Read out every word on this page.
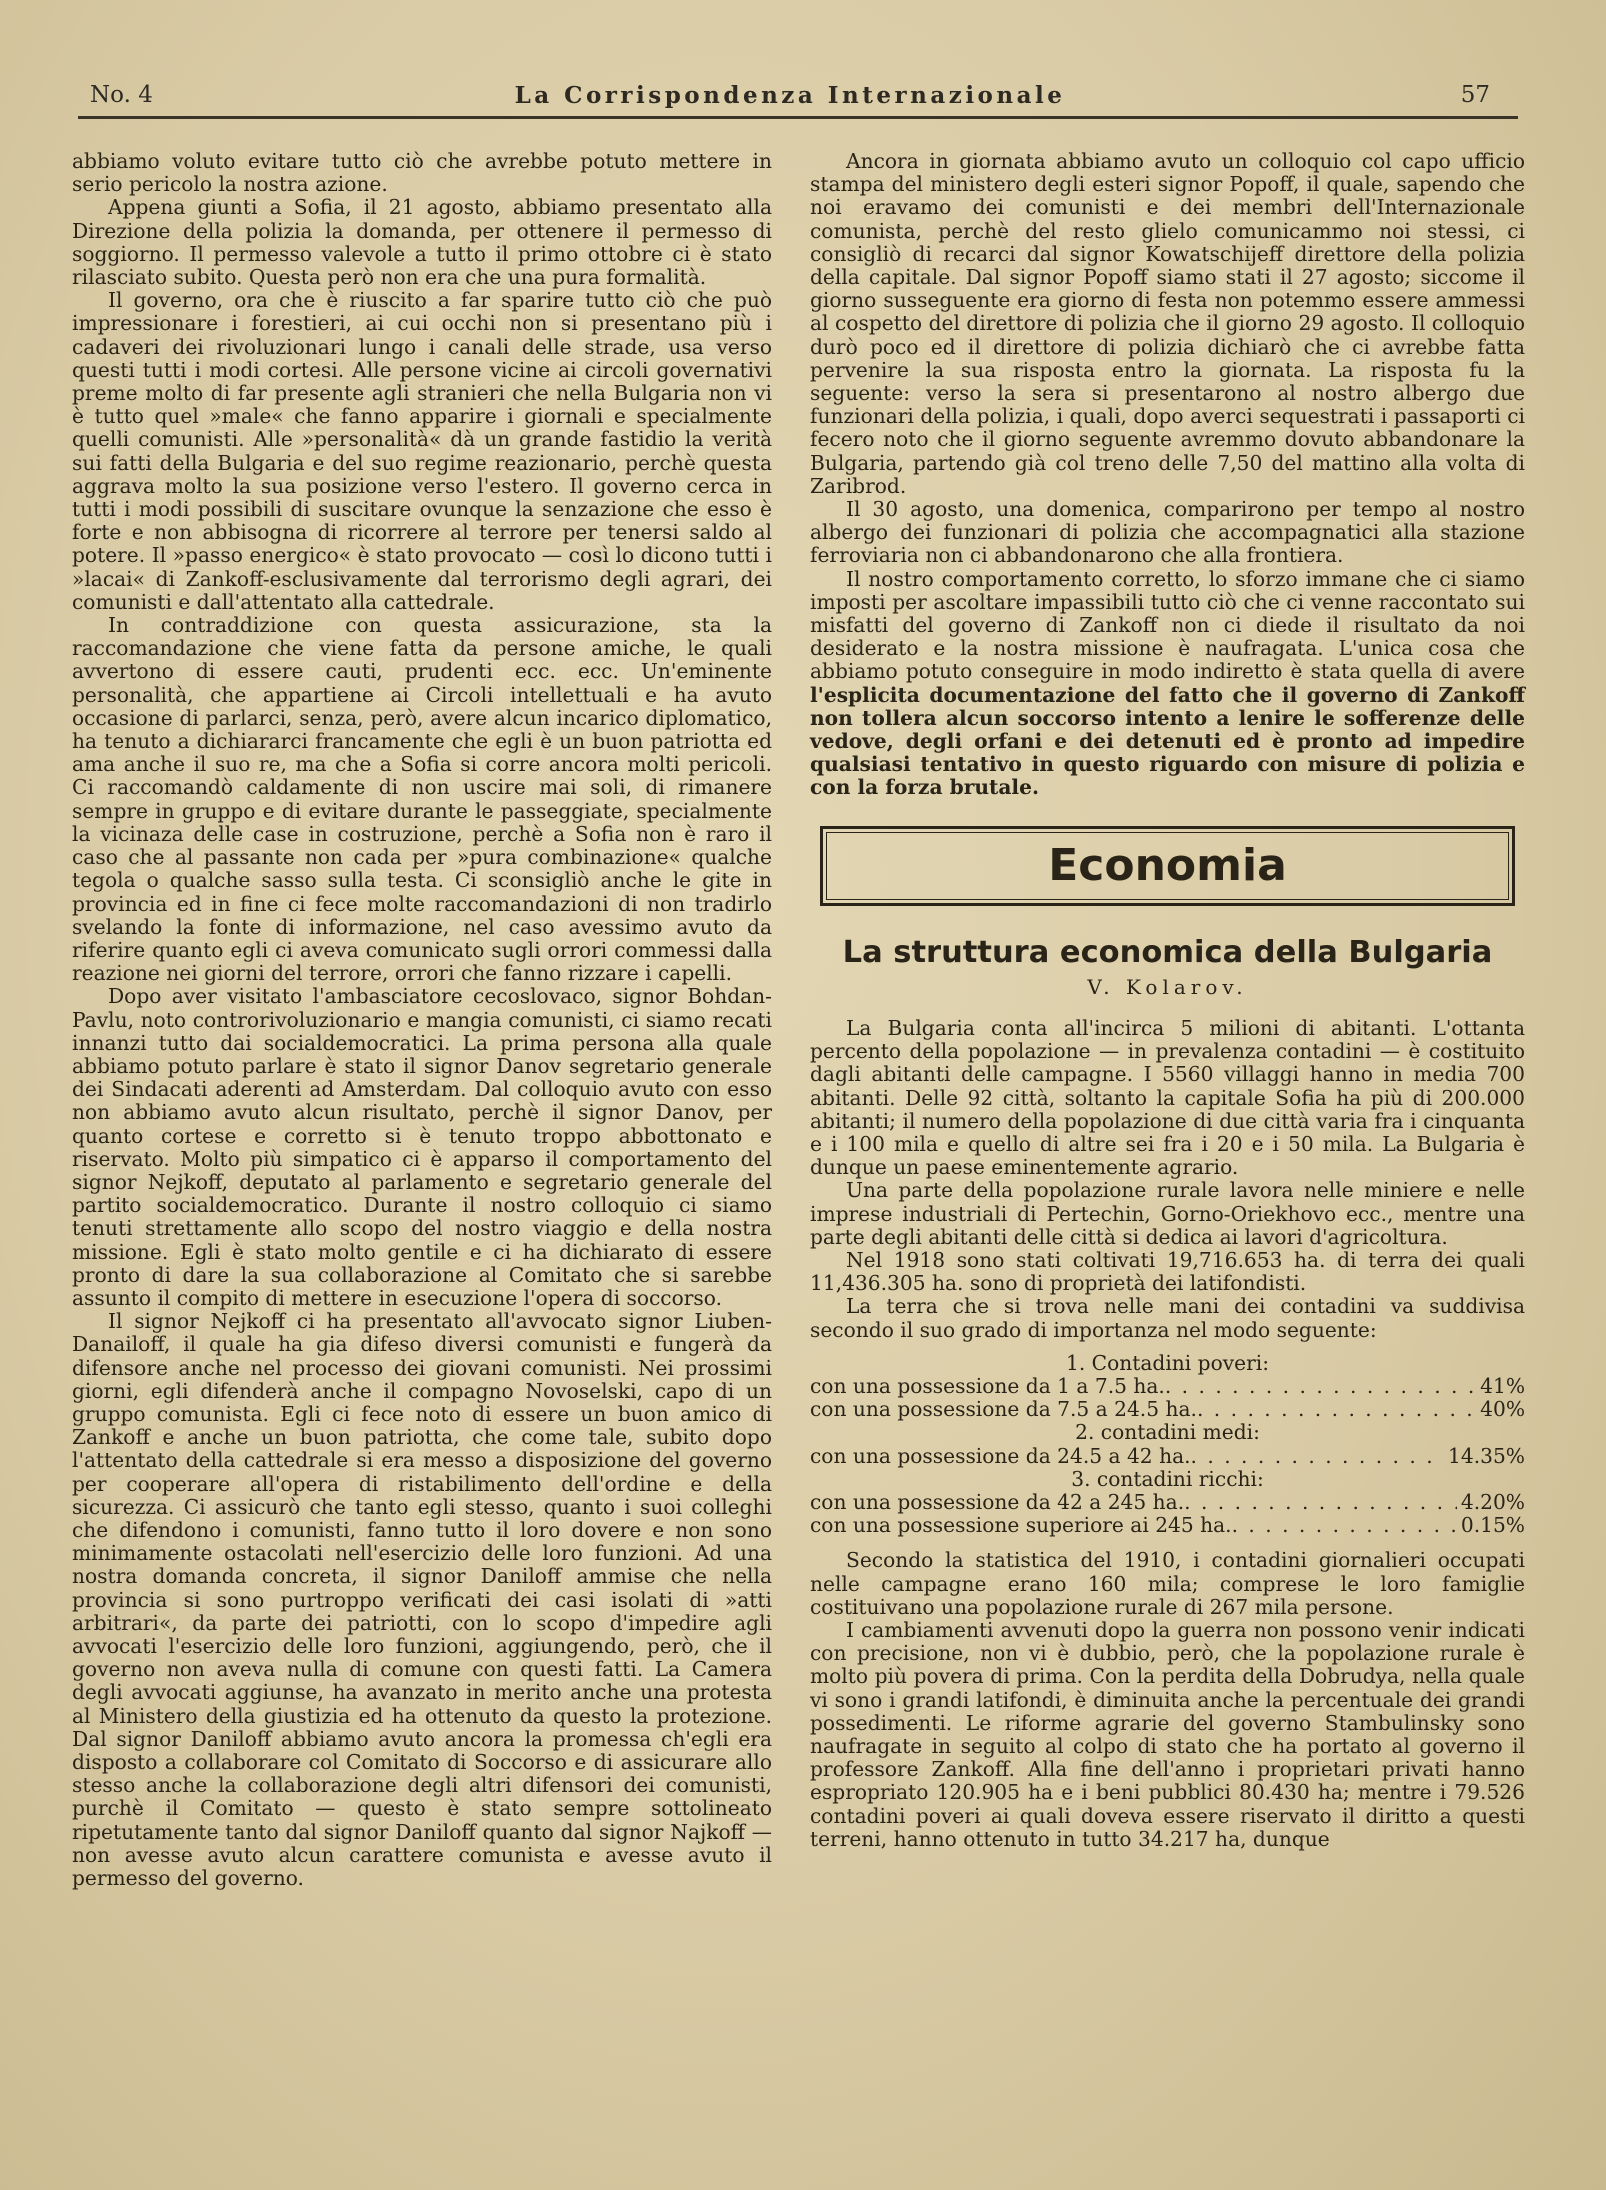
No. 4	La Corrispondenza Internazionale	57

abbiamo voluto evitare tutto ciò che avrebbe potuto mettere in serio pericolo la nostra azione.

Appena giunti a Sofia, il 21 agosto, abbiamo presentato alla Direzione della polizia la domanda, per ottenere il permesso di soggiorno. Il permesso valevole a tutto il primo ottobre ci è stato rilasciato subito. Questa però non era che una pura formalità.

Il governo, ora che è riuscito a far sparire tutto ciò che può impressionare i forestieri, ai cui occhi non si presentano più i cadaveri dei rivoluzionari lungo i canali delle strade, usa verso questi tutti i modi cortesi. Alle persone vicine ai circoli governativi preme molto di far presente agli stranieri che nella Bulgaria non vi è tutto quel »male« che fanno apparire i giornali e specialmente quelli comunisti. Alle »personalità« dà un grande fastidio la verità sui fatti della Bulgaria e del suo regime reazionario, perchè questa aggrava molto la sua posizione verso l'estero. Il governo cerca in tutti i modi possibili di suscitare ovunque la senzazione che esso è forte e non abbisogna di ricorrere al terrore per tenersi saldo al potere. Il »passo energico« è stato provocato — così lo dicono tutti i »lacai« di Zankoff-esclusivamente dal terrorismo degli agrari, dei comunisti e dall'attentato alla cattedrale.

In contraddizione con questa assicurazione, sta la raccomandazione che viene fatta da persone amiche, le quali avvertono di essere cauti, prudenti ecc. ecc. Un'eminente personalità, che appartiene ai Circoli intellettuali e ha avuto occasione di parlarci, senza, però, avere alcun incarico diplomatico, ha tenuto a dichiararci francamente che egli è un buon patriotta ed ama anche il suo re, ma che a Sofia si corre ancora molti pericoli. Ci raccomandò caldamente di non uscire mai soli, di rimanere sempre in gruppo e di evitare durante le passeggiate, specialmente la vicinaza delle case in costruzione, perchè a Sofia non è raro il caso che al passante non cada per »pura combinazione« qualche tegola o qualche sasso sulla testa. Ci sconsigliò anche le gite in provincia ed in fine ci fece molte raccomandazioni di non tradirlo svelando la fonte di informazione, nel caso avessimo avuto da riferire quanto egli ci aveva comunicato sugli orrori commessi dalla reazione nei giorni del terrore, orrori che fanno rizzare i capelli.

Dopo aver visitato l'ambasciatore cecoslovaco, signor Bohdan-Pavlu, noto controrivoluzionario e mangia comunisti, ci siamo recati innanzi tutto dai socialdemocratici. La prima persona alla quale abbiamo potuto parlare è stato il signor Danov segretario generale dei Sindacati aderenti ad Amsterdam. Dal colloquio avuto con esso non abbiamo avuto alcun risultato, perchè il signor Danov, per quanto cortese e corretto si è tenuto troppo abbottonato e riservato. Molto più simpatico ci è apparso il comportamento del signor Nejkoff, deputato al parlamento e segretario generale del partito socialdemocratico. Durante il nostro colloquio ci siamo tenuti strettamente allo scopo del nostro viaggio e della nostra missione. Egli è stato molto gentile e ci ha dichiarato di essere pronto di dare la sua collaborazione al Comitato che si sarebbe assunto il compito di mettere in esecuzione l'opera di soccorso.

Il signor Nejkoff ci ha presentato all'avvocato signor Liuben-Danailoff, il quale ha gia difeso diversi comunisti e fungerà da difensore anche nel processo dei giovani comunisti. Nei prossimi giorni, egli difenderà anche il compagno Novoselski, capo di un gruppo comunista. Egli ci fece noto di essere un buon amico di Zankoff e anche un buon patriotta, che come tale, subito dopo l'attentato della cattedrale si era messo a disposizione del governo per cooperare all'opera di ristabilimento dell'ordine e della sicurezza. Ci assicurò che tanto egli stesso, quanto i suoi colleghi che difendono i comunisti, fanno tutto il loro dovere e non sono minimamente ostacolati nell'esercizio delle loro funzioni. Ad una nostra domanda concreta, il signor Daniloff ammise che nella provincia si sono purtroppo verificati dei casi isolati di »atti arbitrari«, da parte dei patriotti, con lo scopo d'impedire agli avvocati l'esercizio delle loro funzioni, aggiungendo, però, che il governo non aveva nulla di comune con questi fatti. La Camera degli avvocati aggiunse, ha avanzato in merito anche una protesta al Ministero della giustizia ed ha ottenuto da questo la protezione. Dal signor Daniloff abbiamo avuto ancora la promessa ch'egli era disposto a collaborare col Comitato di Soccorso e di assicurare allo stesso anche la collaborazione degli altri difensori dei comunisti, purchè il Comitato — questo è stato sempre sottolineato ripetutamente tanto dal signor Daniloff quanto dal signor Najkoff — non avesse avuto alcun carattere comunista e avesse avuto il permesso del governo.

Ancora in giornata abbiamo avuto un colloquio col capo ufficio stampa del ministero degli esteri signor Popoff, il quale, sapendo che noi eravamo dei comunisti e dei membri dell'Internazionale comunista, perchè del resto glielo comunicammo noi stessi, ci consigliò di recarci dal signor Kowatschijeff direttore della polizia della capitale. Dal signor Popoff siamo stati il 27 agosto; siccome il giorno susseguente era giorno di festa non potemmo essere ammessi al cospetto del direttore di polizia che il giorno 29 agosto. Il colloquio durò poco ed il direttore di polizia dichiarò che ci avrebbe fatta pervenire la sua risposta entro la giornata. La risposta fu la seguente: verso la sera si presentarono al nostro albergo due funzionari della polizia, i quali, dopo averci sequestrati i passaporti ci fecero noto che il giorno seguente avremmo dovuto abbandonare la Bulgaria, partendo già col treno delle 7,50 del mattino alla volta di Zaribrod.

Il 30 agosto, una domenica, comparirono per tempo al nostro albergo dei funzionari di polizia che accompagnatici alla stazione ferroviaria non ci abbandonarono che alla frontiera.

Il nostro comportamento corretto, lo sforzo immane che ci siamo imposti per ascoltare impassibili tutto ciò che ci venne raccontato sui misfatti del governo di Zankoff non ci diede il risultato da noi desiderato e la nostra missione è naufragata. L'unica cosa che abbiamo potuto conseguire in modo indiretto è stata quella di avere l'esplicita documentazione del fatto che il governo di Zankoff non tollera alcun soccorso intento a lenire le sofferenze delle vedove, degli orfani e dei detenuti ed è pronto ad impedire qualsiasi tentativo in questo riguardo con misure di polizia e con la forza brutale.

Economia
La struttura economica della Bulgaria
V. Kolarov.

La Bulgaria conta all'incirca 5 milioni di abitanti. L'ottanta percento della popolazione — in prevalenza contadini — è costituito dagli abitanti delle campagne. I 5560 villaggi hanno in media 700 abitanti. Delle 92 città, soltanto la capitale Sofia ha più di 200.000 abitanti; il numero della popolazione di due città varia fra i cinquanta e i 100 mila e quello di altre sei fra i 20 e i 50 mila. La Bulgaria è dunque un paese eminentemente agrario.

Una parte della popolazione rurale lavora nelle miniere e nelle imprese industriali di Pertechin, Gorno-Oriekhovo ecc., mentre una parte degli abitanti delle città si dedica ai lavori d'agricoltura.

Nel 1918 sono stati coltivati 19,716.653 ha. di terra dei quali 11,436.305 ha. sono di proprietà dei latifondisti.

La terra che si trova nelle mani dei contadini va suddivisa secondo il suo grado di importanza nel modo seguente:

1. Contadini poveri:
con una possessione da 1 a 7.5 ha. . . .	41%
con una possessione da 7.5 a 24.5 ha. . . .	40%
2. contadini medi:
con una possessione da 24.5 a 42 ha. . . .	14.35%
3. contadini ricchi:
con una possessione da 42 a 245 ha. . . .	4.20%
con una possessione superiore ai 245 ha. . . .	0.15%

Secondo la statistica del 1910, i contadini giornalieri occupati nelle campagne erano 160 mila; comprese le loro famiglie costituivano una popolazione rurale di 267 mila persone.

I cambiamenti avvenuti dopo la guerra non possono venir indicati con precisione, non vi è dubbio, però, che la popolazione rurale è molto più povera di prima. Con la perdita della Dobrudya, nella quale vi sono i grandi latifondi, è diminuita anche la percentuale dei grandi possedimenti. Le riforme agrarie del governo Stambulinsky sono naufragate in seguito al colpo di stato che ha portato al governo il professore Zankoff. Alla fine dell'anno i proprietari privati hanno espropriato 120.905 ha e i beni pubblici 80.430 ha; mentre i 79.526 contadini poveri ai quali doveva essere riservato il diritto a questi terreni, hanno ottenuto in tutto 34.217 ha, dunque
